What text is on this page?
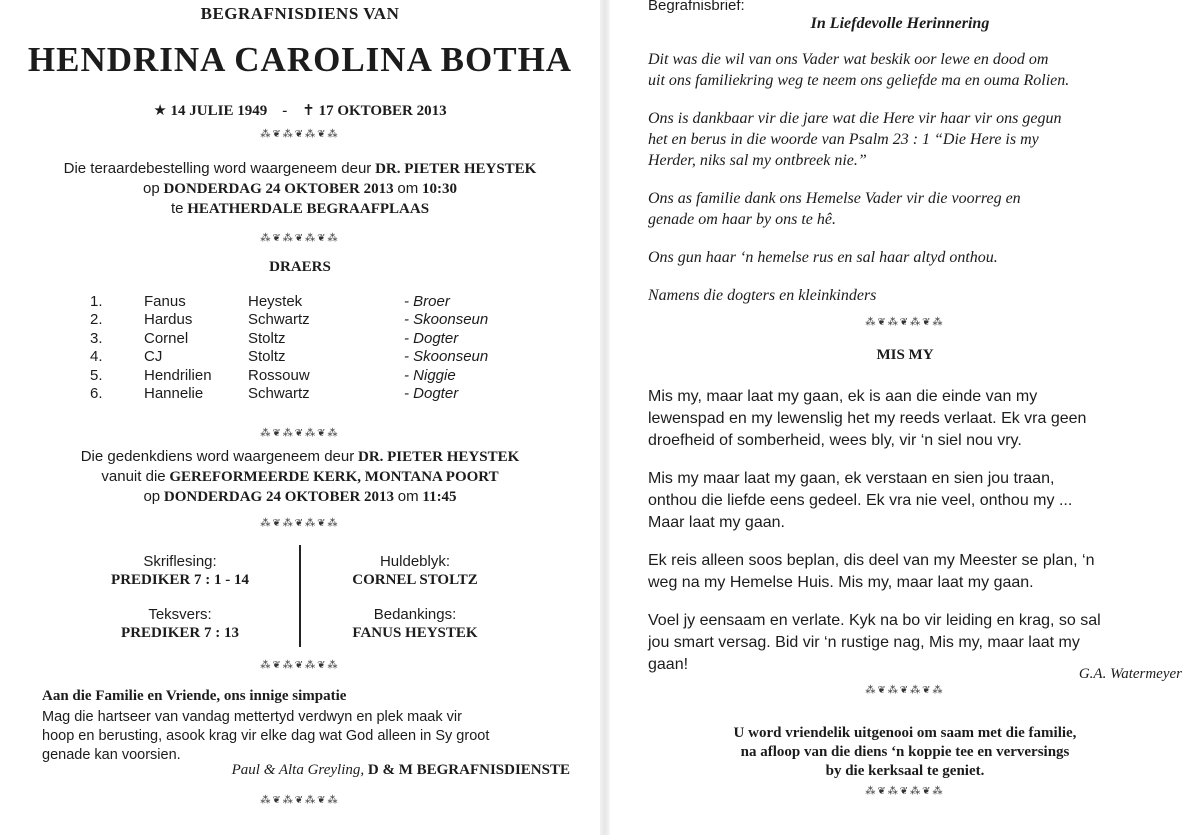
BEGRAFNISDIENS VAN
HENDRINA CAROLINA BOTHA
★ 14 JULIE 1949 - ✝ 17 OKTOBER 2013
⁂❦⁂❦⁂❦⁂
Die teraardebestelling word waargeneem deur DR. PIETER HEYSTEK
op DONDERDAG 24 OKTOBER 2013 om 10:30
te HEATHERDALE BEGRAAFPLAAS
⁂❦⁂❦⁂❦⁂
DRAERS
1.	Fanus	Heystek	- Broer
2.	Hardus	Schwartz	- Skoonseun
3.	Cornel	Stoltz	- Dogter
4.	CJ	Stoltz	- Skoonseun
5.	Hendrilien	Rossouw	- Niggie
6.	Hannelie	Schwartz	- Dogter
⁂❦⁂❦⁂❦⁂
Die gedenkdiens word waargeneem deur DR. PIETER HEYSTEK
vanuit die GEREFORMEERDE KERK, MONTANA POORT
op DONDERDAG 24 OKTOBER 2013 om 11:45
⁂❦⁂❦⁂❦⁂
Skriflesing:
PREDIKER 7 : 1 - 14
Teksvers:
PREDIKER 7 : 13
Huldeblyk:
CORNEL STOLTZ
Bedankings:
FANUS HEYSTEK
⁂❦⁂❦⁂❦⁂
Aan die Familie en Vriende, ons innige simpatie
Mag die hartseer van vandag mettertyd verdwyn en plek maak vir
hoop en berusting, asook krag vir elke dag wat God alleen in Sy groot
genade kan voorsien.
Paul & Alta Greyling, D & M BEGRAFNISDIENSTE
⁂❦⁂❦⁂❦⁂
Begrafnisbrief:
In Liefdevolle Herinnering
Dit was die wil van ons Vader wat beskik oor lewe en dood om
uit ons familiekring weg te neem ons geliefde ma en ouma Rolien.
Ons is dankbaar vir die jare wat die Here vir haar vir ons gegun
het en berus in die woorde van Psalm 23 : 1 “Die Here is my
Herder, niks sal my ontbreek nie.”
Ons as familie dank ons Hemelse Vader vir die voorreg en
genade om haar by ons te hê.
Ons gun haar ‘n hemelse rus en sal haar altyd onthou.
Namens die dogters en kleinkinders
⁂❦⁂❦⁂❦⁂
MIS MY
Mis my, maar laat my gaan, ek is aan die einde van my
lewenspad en my lewenslig het my reeds verlaat. Ek vra geen
droefheid of somberheid, wees bly, vir ‘n siel nou vry.
Mis my maar laat my gaan, ek verstaan en sien jou traan,
onthou die liefde eens gedeel. Ek vra nie veel, onthou my ...
Maar laat my gaan.
Ek reis alleen soos beplan, dis deel van my Meester se plan, ‘n
weg na my Hemelse Huis. Mis my, maar laat my gaan.
Voel jy eensaam en verlate. Kyk na bo vir leiding en krag, so sal
jou smart versag. Bid vir ‘n rustige nag, Mis my, maar laat my
gaan!
G.A. Watermeyer
⁂❦⁂❦⁂❦⁂
U word vriendelik uitgenooi om saam met die familie,
na afloop van die diens ‘n koppie tee en verversings
by die kerksaal te geniet.
⁂❦⁂❦⁂❦⁂
